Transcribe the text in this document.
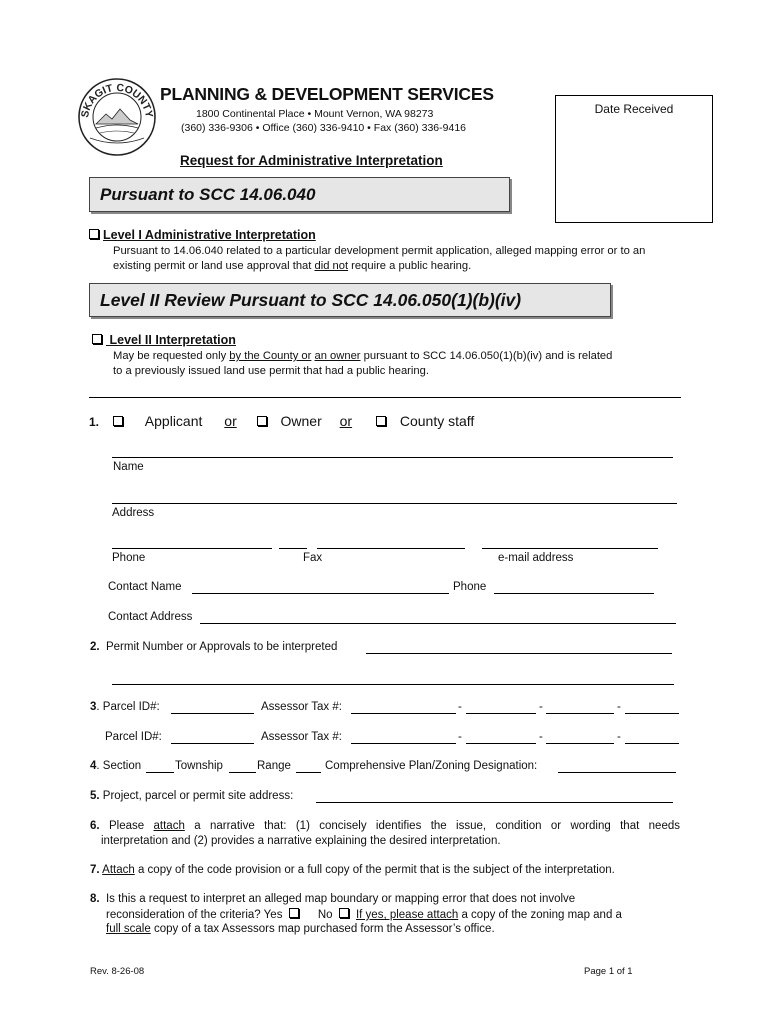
SKAGIT COUNTY
PLANNING & DEVELOPMENT SERVICES
1800 Continental Place • Mount Vernon, WA 98273
(360) 336-9306 • Office (360) 336-9410 • Fax (360) 336-9416
Date Received
Request for Administrative Interpretation
Pursuant to SCC 14.06.040
Level I Administrative Interpretation
Pursuant to 14.06.040 related to a particular development permit application, alleged mapping error or to an
existing permit or land use approval that did not require a public hearing.
Level II Review Pursuant to SCC 14.06.050(1)(b)(iv)
Level II Interpretation
May be requested only by the County or an owner pursuant to SCC 14.06.050(1)(b)(iv) and is related
to a previously issued land use permit that had a public hearing.
1.	Applicant or	Owner or	County staff
Name
Address
Phone	Fax	e-mail address
Contact Name	Phone
Contact Address
2. Permit Number or Approvals to be interpreted
3. Parcel ID#:	Assessor Tax #:	-	-	-
Parcel ID#:	Assessor Tax #:	-	-	-
4. Section	Township	Range	Comprehensive Plan/Zoning Designation:
5. Project, parcel or permit site address:
6. Please attach a narrative that: (1) concisely identifies the issue, condition or wording that needs
interpretation and (2) provides a narrative explaining the desired interpretation.
7. Attach a copy of the code provision or a full copy of the permit that is the subject of the interpretation.
8. Is this a request to interpret an alleged map boundary or mapping error that does not involve
reconsideration of the criteria? Yes	No If yes, please attach a copy of the zoning map and a
full scale copy of a tax Assessors map purchased form the Assessor’s office.
Rev. 8-26-08	Page 1 of 1
